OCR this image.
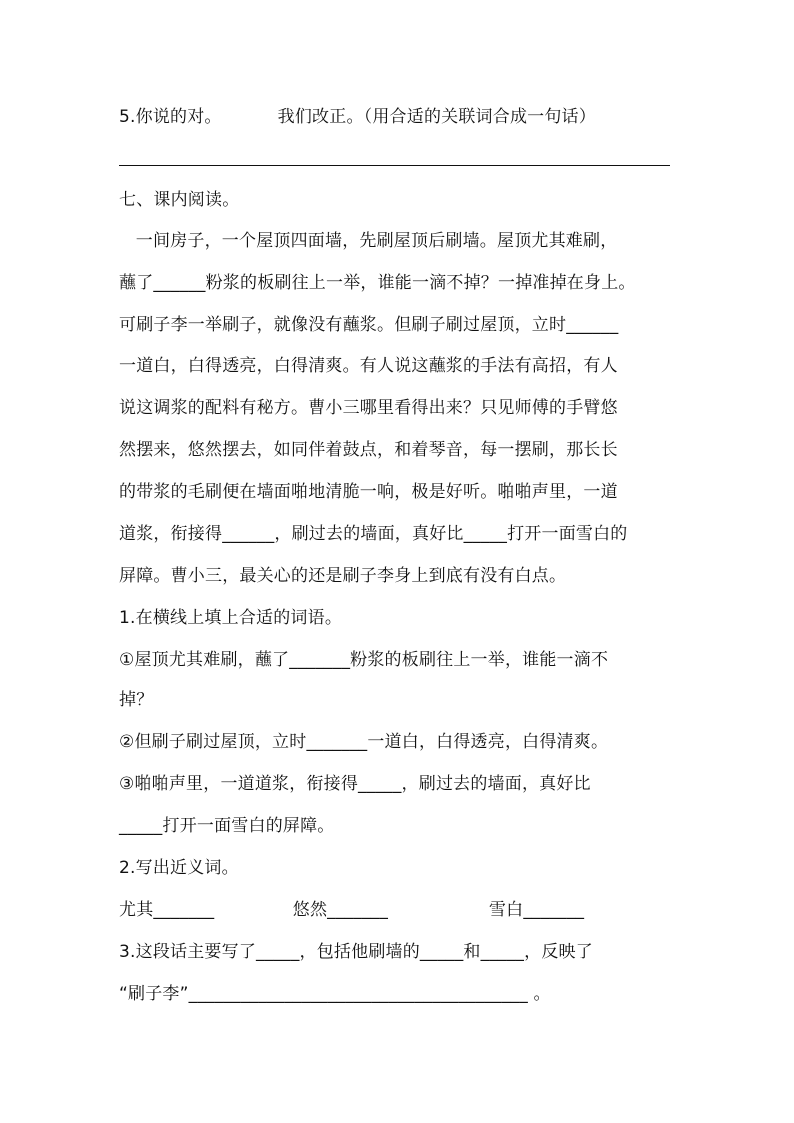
5.你说的对。          我们改正。（用合适的关联词合成一句话）
七、课内阅读。
一间房子，一个屋顶四面墙，先刷屋顶后刷墙。屋顶尤其难刷，
蘸了______粉浆的板刷往上一举，谁能一滴不掉？一掉准掉在身上。
可刷子李一举刷子，就像没有蘸浆。但刷子刷过屋顶，立时______
一道白，白得透亮，白得清爽。有人说这蘸浆的手法有高招，有人
说这调浆的配料有秘方。曹小三哪里看得出来？只见师傅的手臂悠
然摆来，悠然摆去，如同伴着鼓点，和着琴音，每一摆刷，那长长
的带浆的毛刷便在墙面啪地清脆一响，极是好听。啪啪声里，一道
道浆，衔接得______，刷过去的墙面，真好比_____打开一面雪白的
屏障。曹小三，最关心的还是刷子李身上到底有没有白点。
1.在横线上填上合适的词语。
①屋顶尤其难刷，蘸了_______粉浆的板刷往上一举，谁能一滴不
掉？
②但刷子刷过屋顶，立时_______一道白，白得透亮，白得清爽。
③啪啪声里，一道道浆，衔接得_____，刷过去的墙面，真好比
_____打开一面雪白的屏障。
2.写出近义词。
尤其_______              悠然_______                  雪白_______
3.这段话主要写了_____，包括他刷墙的_____和_____，反映了
“刷子李”_______________________________________ 。
